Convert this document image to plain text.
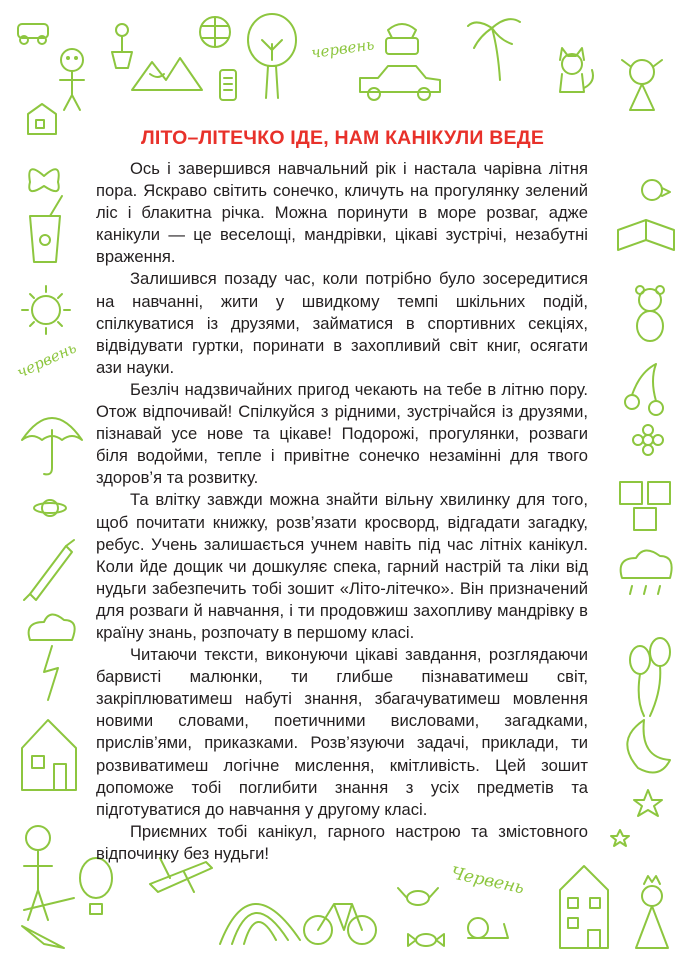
червень
червень
Червень
ЛІТО–ЛІТЕЧКО ІДЕ, НАМ КАНІКУЛИ ВЕДЕ

Ось і завершився навчальний рік і настала чарівна літня пора. Яскраво світить сонечко, кличуть на прогулянку зелений ліс і блакитна річка. Можна поринути в море розваг, адже канікули — це веселощі, мандрівки, цікаві зустрічі, незабутні враження.

Залишився позаду час, коли потрібно було зосередитися на навчанні, жити у швидкому темпі шкільних подій, спілкуватися із друзями, займатися в спортивних секціях, відвідувати гуртки, поринати в захопливий світ книг, осягати ази науки.

Безліч надзвичайних пригод чекають на тебе в літню пору. Отож відпочивай! Спілкуйся з рідними, зустрічайся із друзями, пізнавай усе нове та цікаве! Подорожі, прогулянки, розваги біля водойми, тепле і привітне сонечко незамінні для твого здоров’я та розвитку.

Та влітку завжди можна знайти вільну хвилинку для того, щоб почитати книжку, розв’язати кросворд, відгадати загадку, ребус. Учень залишається учнем навіть під час літніх канікул. Коли йде дощик чи дошкуляє спека, гарний настрій та ліки від нудьги забезпечить тобі зошит «Літо-літечко». Він призначений для розваги й навчання, і ти продовжиш захопливу мандрівку в країну знань, розпочату в першому класі.

Читаючи тексти, виконуючи цікаві завдання, розглядаючи барвисті малюнки, ти глибше пізнаватимеш світ, закріплюватимеш набуті знання, збагачуватимеш мовлення новими словами, поетичними висловами, загадками, прислів’ями, приказками. Розв’язуючи задачі, приклади, ти розвиватимеш логічне мислення, кмітливість. Цей зошит допоможе тобі поглибити знання з усіх предметів та підготуватися до навчання у другому класі.

Приємних тобі канікул, гарного настрою та змістовного відпочинку без нудьги!
